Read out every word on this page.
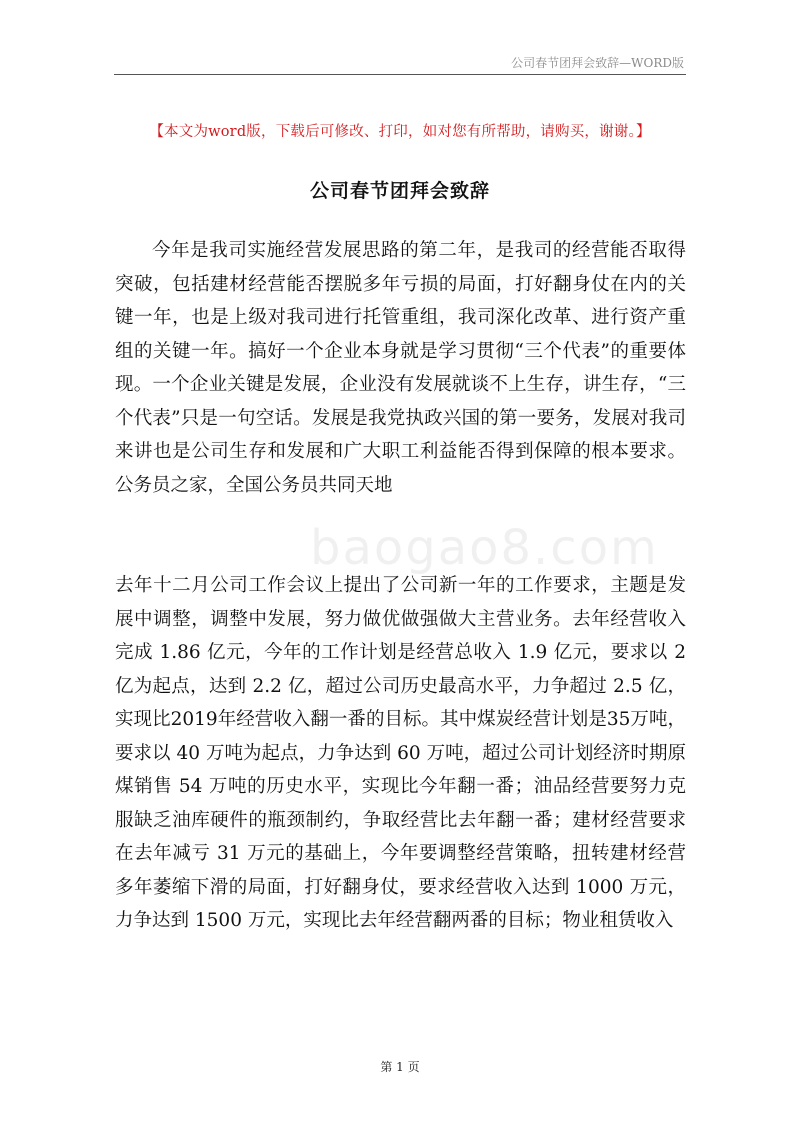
公司春节团拜会致辞—WORD版
【本文为word版，下载后可修改、打印，如对您有所帮助，请购买，谢谢。】
公司春节团拜会致辞
今年是我司实施经营发展思路的第二年，是我司的经营能否取得突破，包括建材经营能否摆脱多年亏损的局面，打好翻身仗在内的关键一年，也是上级对我司进行托管重组，我司深化改革、进行资产重组的关键一年。搞好一个企业本身就是学习贯彻“三个代表”的重要体现。一个企业关键是发展，企业没有发展就谈不上生存，讲生存，“三个代表”只是一句空话。发展是我党执政兴国的第一要务，发展对我司来讲也是公司生存和发展和广大职工利益能否得到保障的根本要求。公务员之家，全国公务员共同天地
baogao8.com
去年十二月公司工作会议上提出了公司新一年的工作要求，主题是发展中调整，调整中发展，努力做优做强做大主营业务。去年经营收入完成 1.86 亿元，今年的工作计划是经营总收入 1.9 亿元，要求以 2 亿为起点，达到 2.2 亿，超过公司历史最高水平，力争超过 2.5 亿，实现比2019年经营收入翻一番的目标。其中煤炭经营计划是35万吨，要求以 40 万吨为起点，力争达到 60 万吨，超过公司计划经济时期原煤销售 54 万吨的历史水平，实现比今年翻一番；油品经营要努力克服缺乏油库硬件的瓶颈制约，争取经营比去年翻一番；建材经营要求在去年减亏 31 万元的基础上，今年要调整经营策略，扭转建材经营多年萎缩下滑的局面，打好翻身仗，要求经营收入达到 1000 万元，力争达到 1500 万元，实现比去年经营翻两番的目标；物业租赁收入
第 1 页
